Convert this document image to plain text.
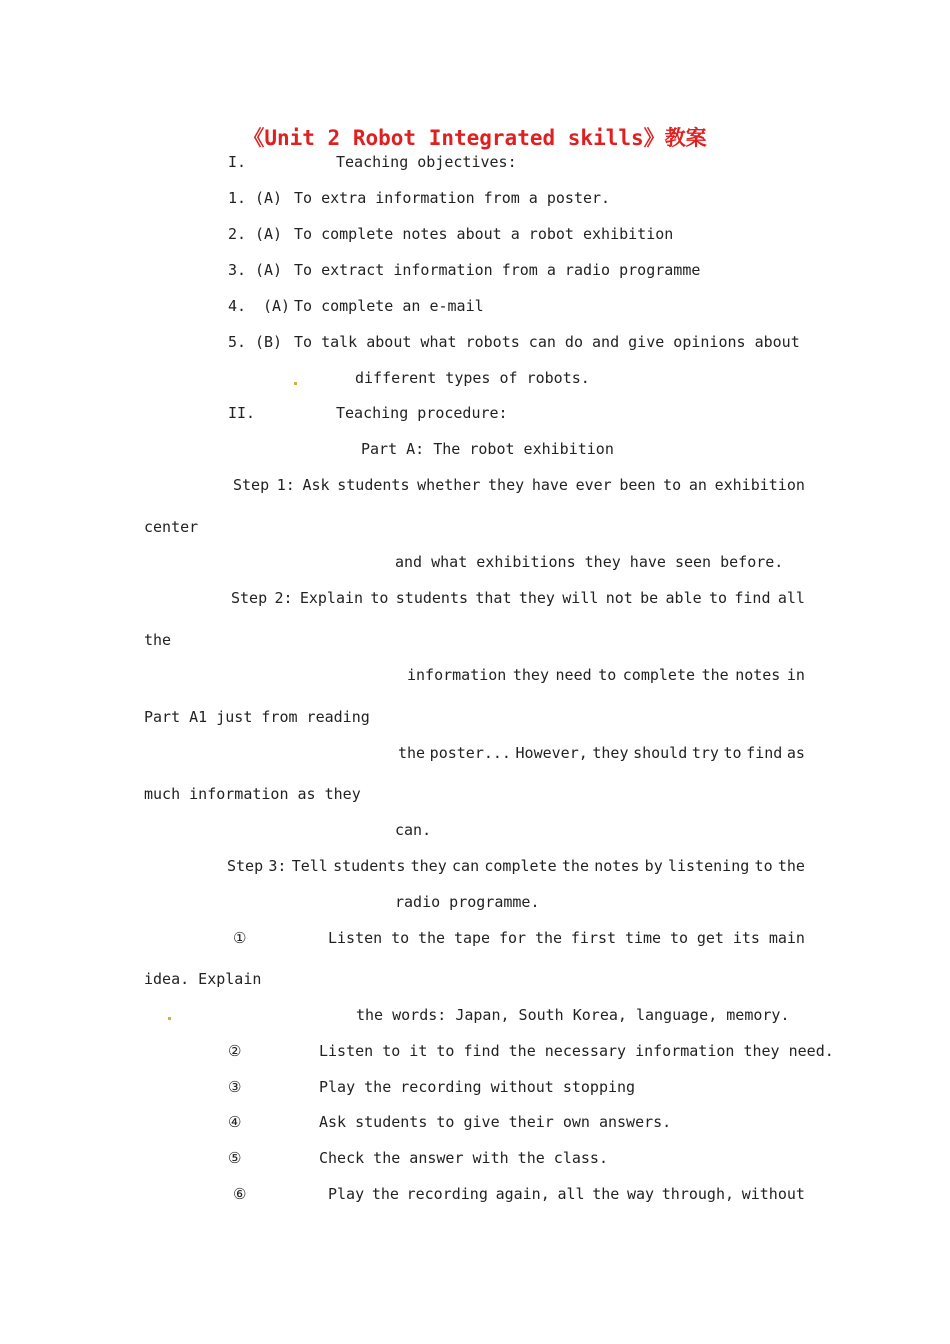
《Unit 2 Robot Integrated skills》教案
I.	Teaching objectives:
1. (A) To extra information from a poster.
2. (A) To complete notes about a robot exhibition
3. (A) To extract information from a radio programme
4. (A) To complete an e-mail
5. (B) To talk about what robots can do and give opinions about
different types of robots.
II.	Teaching procedure:
Part A: The robot exhibition
Step 1: Ask students whether they have ever been to an exhibition
center
and what exhibitions they have seen before.
Step 2: Explain to students that they will not be able to find all
the
information they need to complete the notes in
Part A1 just from reading
the poster... However, they should try to find as
much information as they
can.
Step 3: Tell students they can complete the notes by listening to the
radio programme.
①	Listen to the tape for the first time to get its main
idea. Explain
the words: Japan, South Korea, language, memory.
②	Listen to it to find the necessary information they need.
③	Play the recording without stopping
④	Ask students to give their own answers.
⑤	Check the answer with the class.
⑥	Play the recording again, all the way through, without
